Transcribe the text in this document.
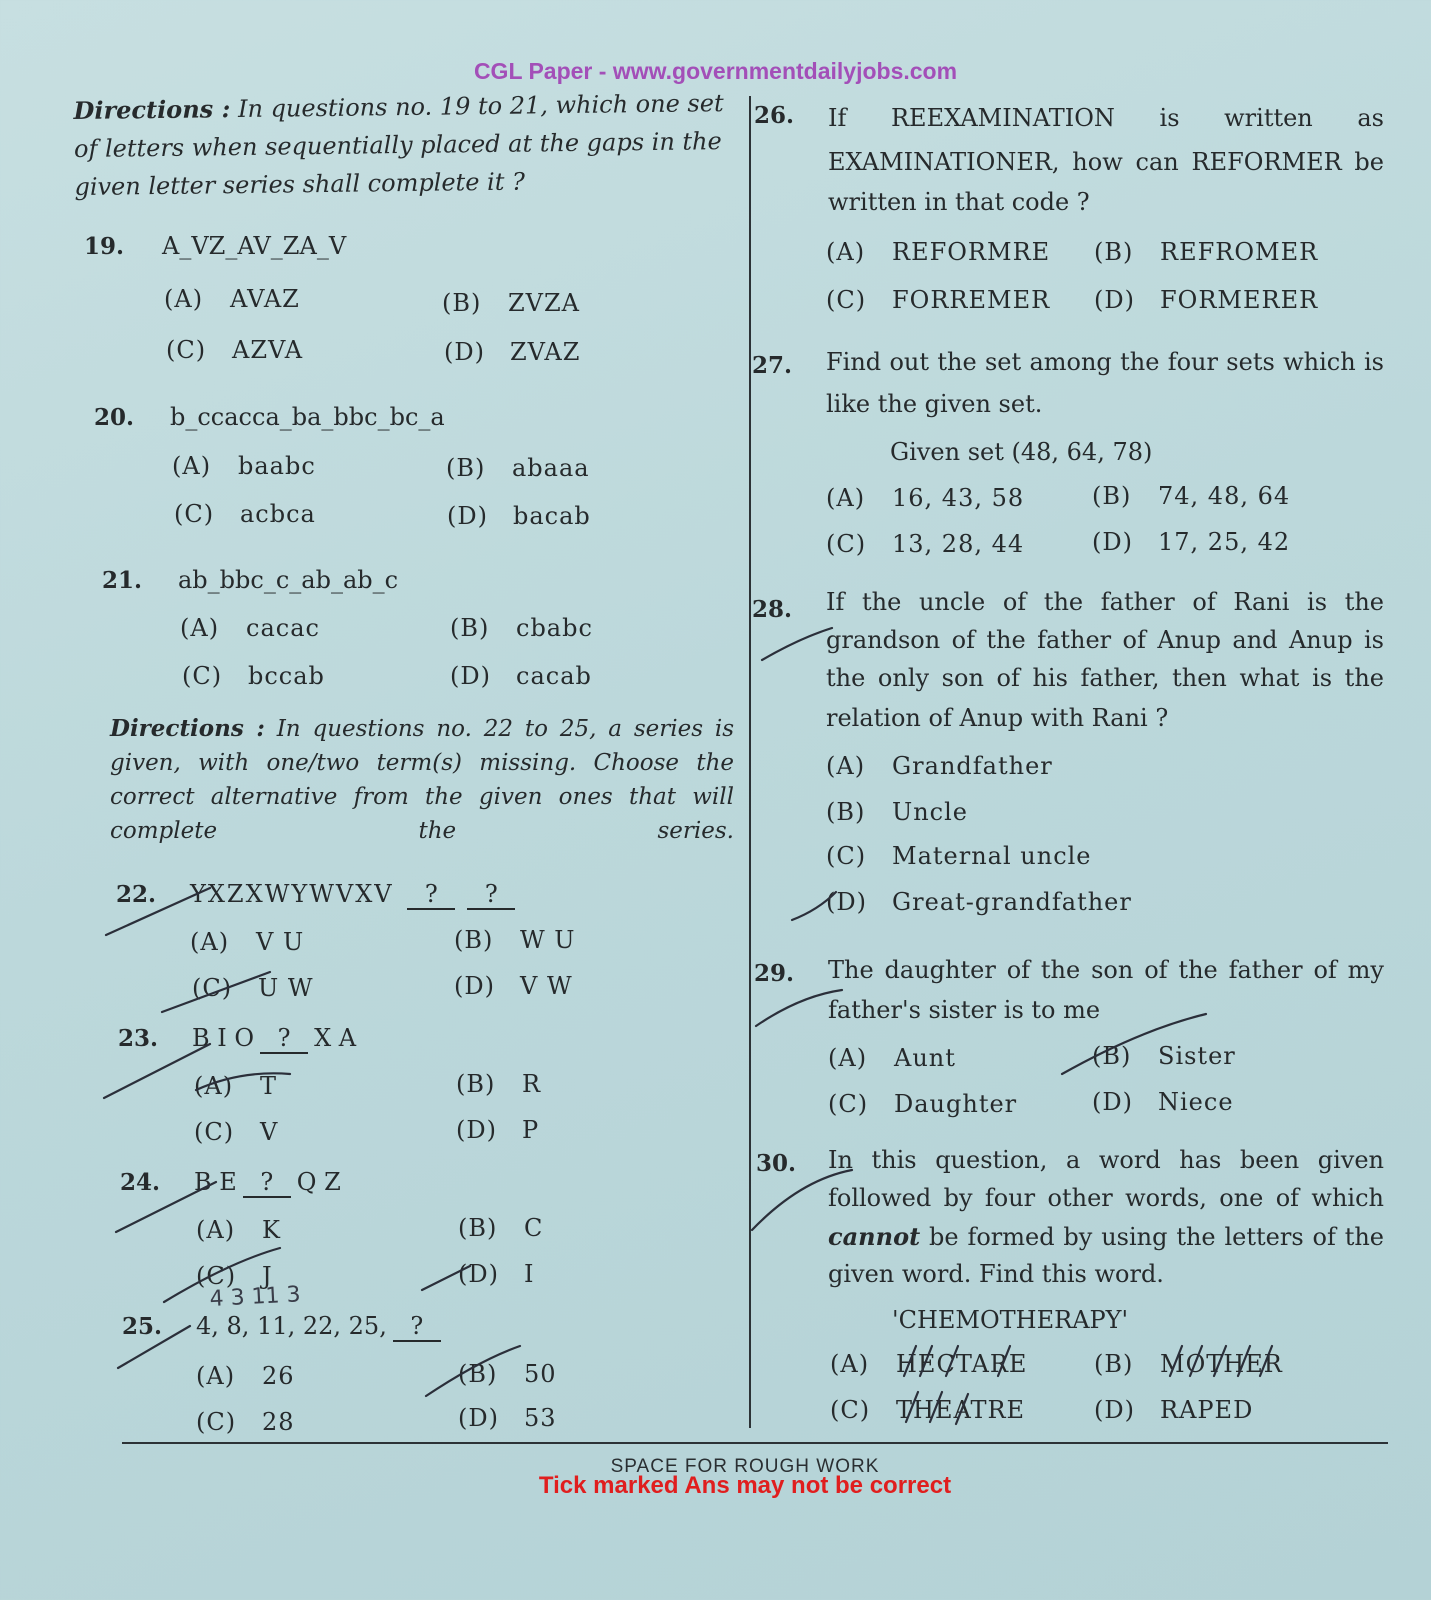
CGL Paper - www.governmentdailyjobs.com
Directions : In questions no. 19 to 21, which one set of letters when sequentially placed at the gaps in the given letter series shall complete it ?
19. A_VZ_AV_ZA_V
(A) AVAZ	(B) ZVZA
(C) AZVA	(D) ZVAZ
20. b_ccacca_ba_bbc_bc_a
(A) baabc	(B) abaaa
(C) acbca	(D) bacab
21. ab_bbc_c_ab_ab_c
(A) cacac	(B) cbabc
(C) bccab	(D) cacab
Directions : In questions no. 22 to 25, a series is given, with one/two term(s) missing. Choose the correct alternative from the given ones that will complete the series.
22. YXZXWYWVXV ? ?
(A) V U	(B) W U
(C) U W	(D) V W
23. B I O ? X A
(A) T	(B) R
(C) V	(D) P
24. B E ? Q Z
(A) K	(B) C
(C) J	(D) I
25. 4, 8, 11, 22, 25, ?
(A) 26	(B) 50
(C) 28	(D) 53
26. If REEXAMINATION is written as
EXAMINATIONER, how can REFORMER be
written in that code ?
(A) REFORMRE (B) REFROMER
(C) FORREMER (D) FORMERER
27. Find out the set among the four sets which is
like the given set.
Given set (48, 64, 78)
(A) 16, 43, 58	(B) 74, 48, 64
(C) 13, 28, 44	(D) 17, 25, 42
28. If the uncle of the father of Rani is the
grandson of the father of Anup and Anup is
the only son of his father, then what is the
relation of Anup with Rani ?
(A) Grandfather
(B) Uncle
(C) Maternal uncle
(D) Great-grandfather
29. The daughter of the son of the father of my
father's sister is to me
(A) Aunt	(B) Sister
(C) Daughter	(D) Niece
30. In this question, a word has been given
followed by four other words, one of which
cannot be formed by using the letters of the
given word. Find this word.
'CHEMOTHERAPY'
(A) HECTARE	(B) MOTHER
(C) THEATRE	(D) RAPED
SPACE FOR ROUGH WORK
Tick marked Ans may not be correct
4 3 11 3
